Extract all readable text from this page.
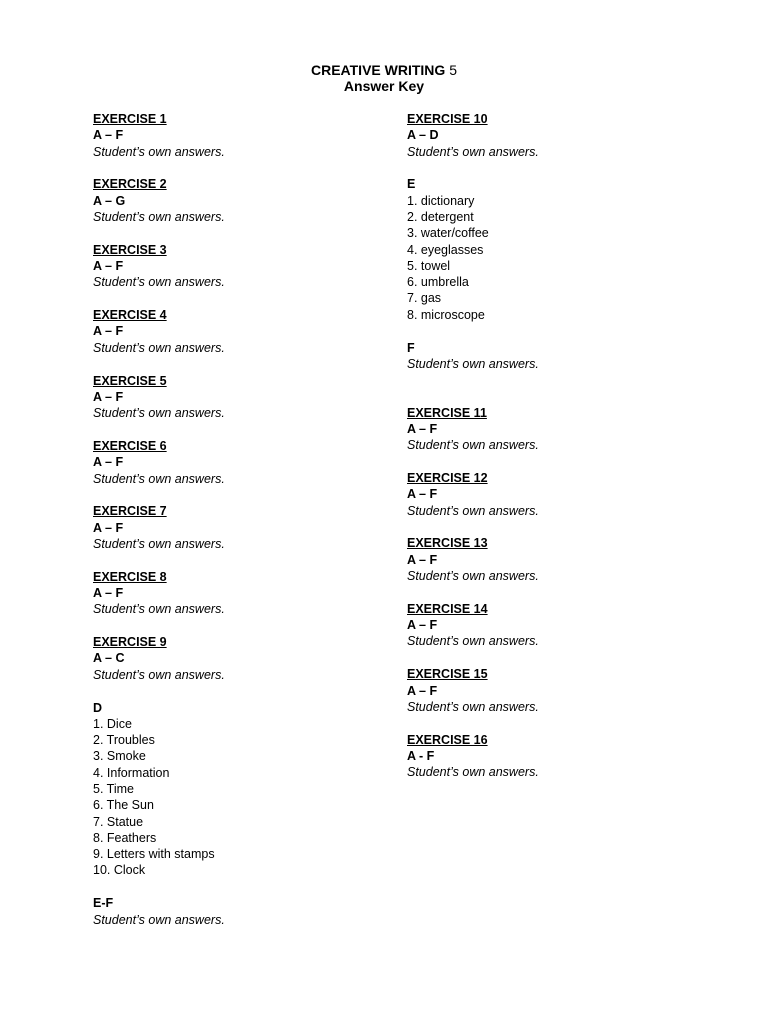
CREATIVE WRITING 5
Answer Key
EXERCISE 1
A – F
Student’s own answers.
EXERCISE 2
A – G
Student’s own answers.
EXERCISE 3
A – F
Student’s own answers.
EXERCISE 4
A – F
Student’s own answers.
EXERCISE 5
A – F
Student’s own answers.
EXERCISE 6
A – F
Student’s own answers.
EXERCISE 7
A – F
Student’s own answers.
EXERCISE 8
A – F
Student’s own answers.
EXERCISE 9
A – C
Student’s own answers.
D
1. Dice
2. Troubles
3. Smoke
4. Information
5. Time
6. The Sun
7. Statue
8. Feathers
9. Letters with stamps
10. Clock
E-F
Student’s own answers.
EXERCISE 10
A – D
Student’s own answers.
E
1. dictionary
2. detergent
3. water/coffee
4. eyeglasses
5. towel
6. umbrella
7. gas
8. microscope
F
Student’s own answers.
EXERCISE 11
A – F
Student’s own answers.
EXERCISE 12
A – F
Student’s own answers.
EXERCISE 13
A – F
Student’s own answers.
EXERCISE 14
A – F
Student’s own answers.
EXERCISE 15
A – F
Student’s own answers.
EXERCISE 16
A - F
Student’s own answers.
